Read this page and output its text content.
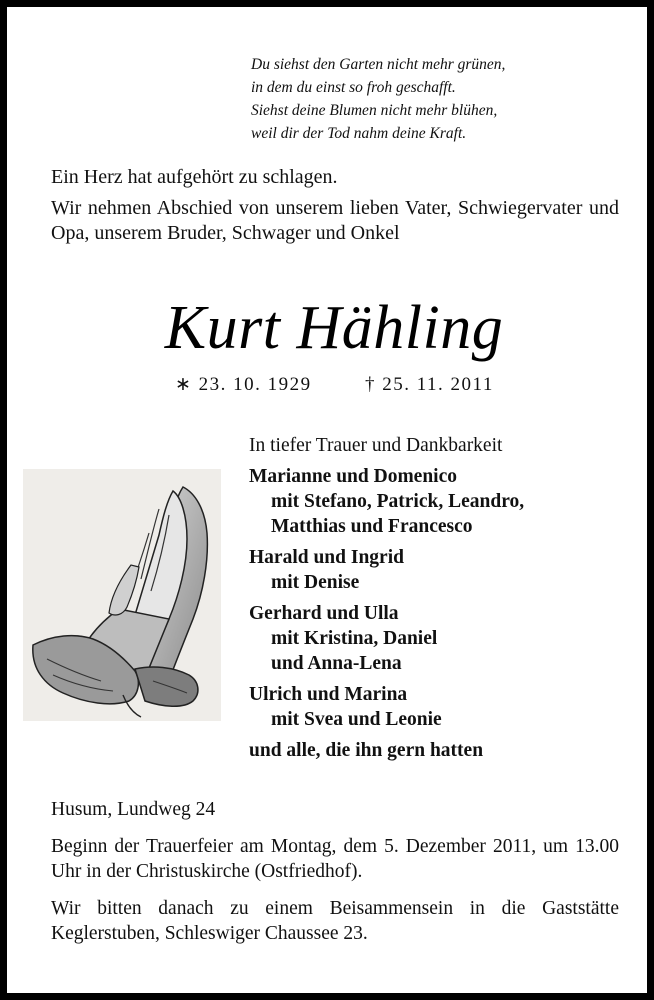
Du siehst den Garten nicht mehr grünen,
in dem du einst so froh geschafft.
Siehst deine Blumen nicht mehr blühen,
weil dir der Tod nahm deine Kraft.

Ein Herz hat aufgehört zu schlagen.

Wir nehmen Abschied von unserem lieben Vater, Schwiegervater und Opa, unserem Bruder, Schwager und Onkel

Kurt Hähling
∗ 23. 10. 1929	† 25. 11. 2011
In tiefer Trauer und Dankbarkeit
Marianne und Domenico
mit Stefano, Patrick, Leandro,
Matthias und Francesco
Harald und Ingrid
mit Denise
Gerhard und Ulla
mit Kristina, Daniel
und Anna-Lena
Ulrich und Marina
mit Svea und Leonie
und alle, die ihn gern hatten

Husum, Lundweg 24

Beginn der Trauerfeier am Montag, dem 5. Dezember 2011, um 13.00 Uhr in der Christuskirche (Ostfriedhof).

Wir bitten danach zu einem Beisammensein in die Gaststätte Keglerstuben, Schleswiger Chaussee 23.
